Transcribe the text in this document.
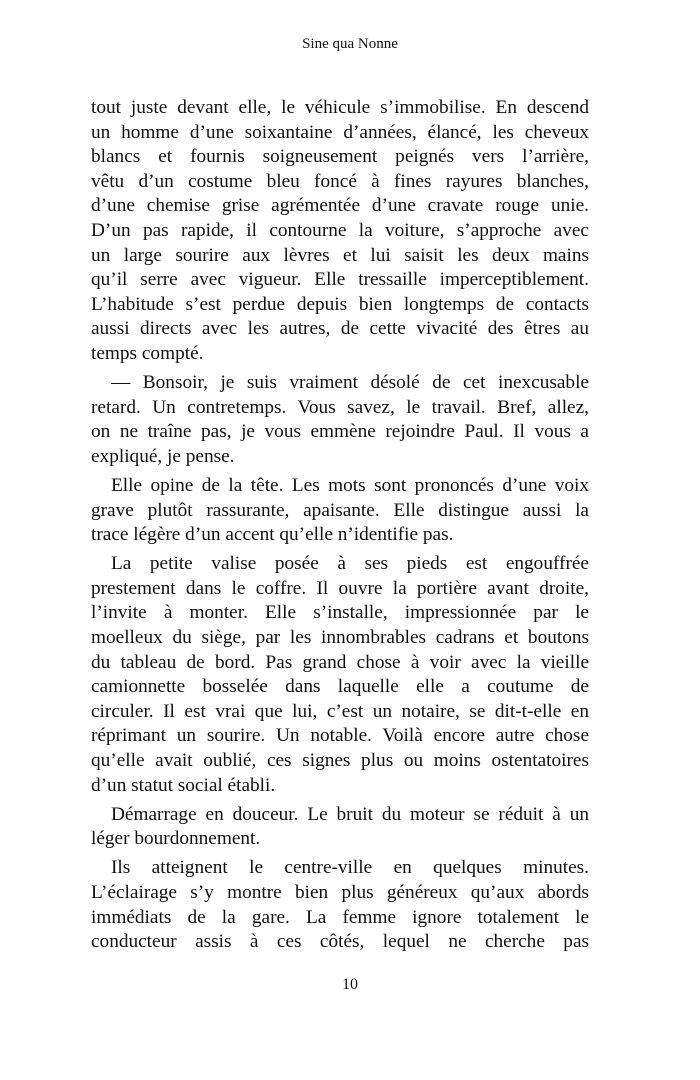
Sine qua Nonne
tout juste devant elle, le véhicule s’immobilise. En descend
un homme d’une soixantaine d’années, élancé, les cheveux
blancs et fournis soigneusement peignés vers l’arrière,
vêtu d’un costume bleu foncé à fines rayures blanches,
d’une chemise grise agrémentée d’une cravate rouge unie.
D’un pas rapide, il contourne la voiture, s’approche avec
un large sourire aux lèvres et lui saisit les deux mains
qu’il serre avec vigueur. Elle tressaille imperceptiblement.
L’habitude s’est perdue depuis bien longtemps de contacts
aussi directs avec les autres, de cette vivacité des êtres au
temps compté.
— Bonsoir, je suis vraiment désolé de cet inexcusable
retard. Un contretemps. Vous savez, le travail. Bref, allez,
on ne traîne pas, je vous emmène rejoindre Paul. Il vous a
expliqué, je pense.
Elle opine de la tête. Les mots sont prononcés d’une voix
grave plutôt rassurante, apaisante. Elle distingue aussi la
trace légère d’un accent qu’elle n’identifie pas.
La petite valise posée à ses pieds est engouffrée
prestement dans le coffre. Il ouvre la portière avant droite,
l’invite à monter. Elle s’installe, impressionnée par le
moelleux du siège, par les innombrables cadrans et boutons
du tableau de bord. Pas grand chose à voir avec la vieille
camionnette bosselée dans laquelle elle a coutume de
circuler. Il est vrai que lui, c’est un notaire, se dit-t-elle en
réprimant un sourire. Un notable. Voilà encore autre chose
qu’elle avait oublié, ces signes plus ou moins ostentatoires
d’un statut social établi.
Démarrage en douceur. Le bruit du moteur se réduit à un
léger bourdonnement.
Ils atteignent le centre-ville en quelques minutes.
L’éclairage s’y montre bien plus généreux qu’aux abords
immédiats de la gare. La femme ignore totalement le
conducteur assis à ces côtés, lequel ne cherche pas
10
